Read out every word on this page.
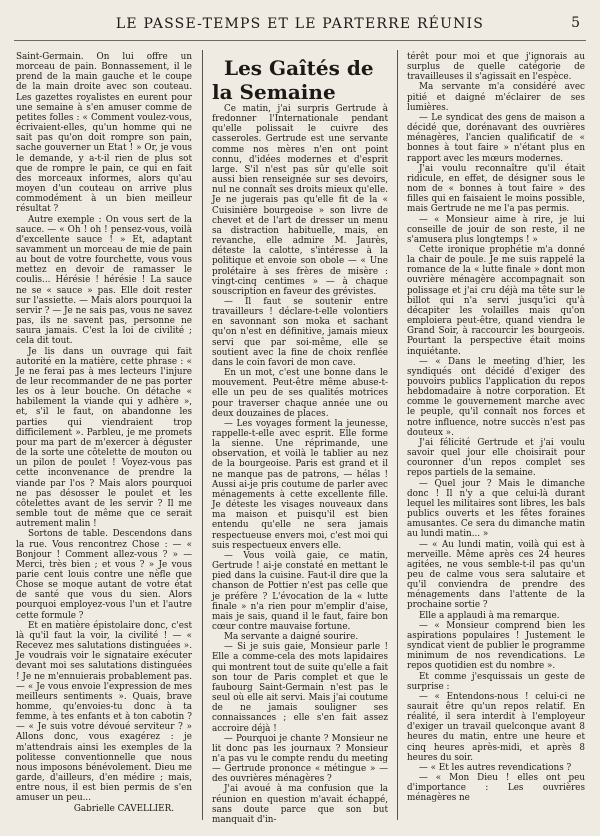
LE PASSE-TEMPS ET LE PARTERRE RÉUNIS	5

Saint-Germain. On lui offre un morceau de pain. Bonnassement, il le prend de la main gauche et le coupe de la main droite avec son couteau. Les gazettes royalistes en eurent pour une semaine à s'en amuser comme de petites folles : « Comment voulez-vous, écrivaient-elles, qu'un homme qui ne sait pas qu'on doit rompre son pain, sache gouverner un Etat ! » Or, je vous le demande, y a-t-il rien de plus sot que de rompre le pain, ce qui en fait des morceaux informes, alors qu'au moyen d'un couteau on arrive plus commodément à un bien meilleur résultat ?

Autre exemple : On vous sert de la sauce. — « Oh ! oh ! pensez-vous, voilà d'excellente sauce ! » Et, adaptant savamment un morceau de mie de pain au bout de votre fourchette, vous vous mettez en devoir de ramasser le coulis... Hérésie ! hérésie ! La sauce ne se « sauce » pas. Elle doit rester sur l'assiette. — Mais alors pourquoi la servir ? — Je ne sais pas, vous ne savez pas, ils ne savent pas, personne ne saura jamais. C'est la loi de civilité ; cela dit tout.

Je lis dans un ouvrage qui fait autorité en la matière, cette phrase : « Je ne ferai pas à mes lecteurs l'injure de leur recommander de ne pas porter les os à leur bouche. On détache « habilement la viande qui y adhère », et, s'il le faut, on abandonne les parties qui viendraient trop difficilement ». Parbleu, je me promets pour ma part de m'exercer à déguster de la sorte une côtelette de mouton ou un pilon de poulet ! Voyez-vous pas cette inconvenance de prendre la viande par l'os ? Mais alors pourquoi ne pas désosser le poulet et les côtelettes avant de les servir ? Il me semble tout de même que ce serait autrement malin !

Sortons de table. Descendons dans la rue. Vous rencontrez Chose : — « Bonjour ! Comment allez-vous ? » — Merci, très bien ; et vous ? » Je vous parie cent louis contre une nèfle que Chose se moque autant de votre état de santé que vous du sien. Alors pourquoi employez-vous l'un et l'autre cette formule ?

Et en matière épistolaire donc, c'est là qu'il faut la voir, la civilité ! — « Recevez mes salutations distinguées ». Je voudrais voir le signataire exécuter devant moi ses salutations distinguées ! Je ne m'ennuierais probablement pas. — « Je vous envoie l'expression de mes meilleurs sentiments ». Quais, brave homme, qu'envoies-tu donc à ta femme, à tes enfants et à ton cabotin ? — « Je suis votre dévoué serviteur ? » Allons donc, vous exagérez : je m'attendrais ainsi les exemples de la politesse conventionnelle que nous nous imposons bénévolement. Dieu me garde, d'ailleurs, d'en médire ; mais, entre nous, il est bien permis de s'en amuser un peu...

Gabrielle CAVELLIER.

Les Gaîtés de la Semaine

Ce matin, j'ai surpris Gertrude à fredonner l'Internationale pendant qu'elle polissait le cuivre des casseroles. Gertrude est une servante comme nos mères n'en ont point connu, d'idées modernes et d'esprit large. S'il n'est pas sûr qu'elle soit aussi bien renseignée sur ses devoirs, nul ne connaît ses droits mieux qu'elle. Je ne jugerais pas qu'elle fit de la « Cuisinière bourgeoise » son livre de chevet et de l'art de dresser un menu sa distraction habituelle, mais, en revanche, elle admire M. Jaurès, déteste la calotte, s'intéresse à la politique et envoie son obole — « Une prolétaire à ses frères de misère : vingt-cinq centimes » — à chaque souscription en faveur des grévistes.

— Il faut se soutenir entre travailleurs ! déclare-t-elle volontiers en savonnant son moka et sachant qu'on n'est en définitive, jamais mieux servi que par soi-même, elle se soutient avec la fine de choix renflée dans le coin favori de mon cave.

En un mot, c'est une bonne dans le mouvement. Peut-être même abuse-t-elle un peu de ses qualités motrices pour traverser chaque année une ou deux douzaines de places.

— Les voyages forment la jeunesse, rappelle-t-elle avec esprit. Elle forme la sienne. Une réprimande, une observation, et voilà le tablier au nez de la bourgeoise. Paris est grand et il ne manque pas de patrons, — hélas ! Aussi ai-je pris coutume de parler avec ménagements à cette excellente fille. Je déteste les visages nouveaux dans ma maison et puisqu'il est bien entendu qu'elle ne sera jamais respectueuse envers moi, c'est moi qui suis respectueux envers elle.

— Vous voilà gaie, ce matin, Gertrude ! ai-je constaté en mettant le pied dans la cuisine. Faut-il dire que la chanson de Pottier n'est pas celle que je préfère ? L'évocation de la « lutte finale » n'a rien pour m'emplir d'aise, mais je sais, quand il le faut, faire bon cœur contre mauvaise fortune.

Ma servante a daigné sourire.

— Si je suis gaie, Monsieur parle ! Elle a comme-cela des mots lapidaires qui montrent tout de suite qu'elle a fait son tour de Paris complet et que le faubourg Saint-Germain n'est pas le seul où elle ait servi. Mais j'ai coutume de ne jamais souligner ses connaissances ; elle s'en fait assez accroire déjà !

— Pourquoi je chante ? Monsieur ne lit donc pas les journaux ? Monsieur n'a pas vu le compte rendu du meeting — Gertrude prononce « métingue » — des ouvrières ménagères ?

J'ai avoué à ma confusion que la réunion en question m'avait échappé, sans doute parce que son but manquait d'in-

térêt pour moi et que j'ignorais au surplus de quelle catégorie de travailleuses il s'agissait en l'espèce.

Ma servante m'a considéré avec pitié et daigné m'éclairer de ses lumières.

— Le syndicat des gens de maison a décidé que, dorénavant des ouvrières ménagères, l'ancien qualificatif de « bonnes à tout faire » n'étant plus en rapport avec les mœurs modernes.

J'ai voulu reconnaître qu'il était ridicule, en effet, de désigner sous le nom de « bonnes à tout faire » des filles qui en faisaient le moins possible, mais Gertrude ne me l'a pas permis.

— « Monsieur aime à rire, je lui conseille de jouir de son reste, il ne s'amusera plus longtemps ! »

Cette ironique prophétie m'a donné la chair de poule. Je me suis rappelé la romance de la « lutte finale » dont mon ouvrière ménagère accompagnait son polissage et j'ai cru déjà ma tête sur le billot qui n'a servi jusqu'ici qu'à décapiter les volailles mais qu'on emploiera peut-être, quand viendra le Grand Soir, à raccourcir les bourgeois. Pourtant la perspective était moins inquiétante.

— « Dans le meeting d'hier, les syndiqués ont décidé d'exiger des pouvoirs publics l'application du repos hebdomadaire à notre corporation. Et comme le gouvernement marche avec le peuple, qu'il connaît nos forces et notre influence, notre succès n'est pas douteux ».

J'ai félicité Gertrude et j'ai voulu savoir quel jour elle choisirait pour couronner d'un repos complet ses repos partiels de la semaine.

— Quel jour ? Mais le dimanche donc ! Il n'y a que celui-là durant lequel les militaires sont libres, les bals publics ouverts et les fêtes foraines amusantes. Ce sera du dimanche matin au lundi matin... »

— « Au lundi matin, voilà qui est à merveille. Même après ces 24 heures agitées, ne vous semble-t-il pas qu'un peu de calme vous sera salutaire et qu'il conviendra de prendre des ménagements dans l'attente de la prochaine sortie ?

Elle a applaudi à ma remarque.

— « Monsieur comprend bien les aspirations populaires ! Justement le syndicat vient de publier le programme minimum de nos revendications. Le repos quotidien est du nombre ».

Et comme j'esquissais un geste de surprise :

— « Entendons-nous ! celui-ci ne saurait être qu'un repos relatif. En réalité, il sera interdit à l'employeur d'exiger un travail quelconque avant 8 heures du matin, entre une heure et cinq heures après-midi, et après 8 heures du soir.

— « Et les autres revendications ?

— « Mon Dieu ! elles ont peu d'importance : Les ouvrières ménagères ne
